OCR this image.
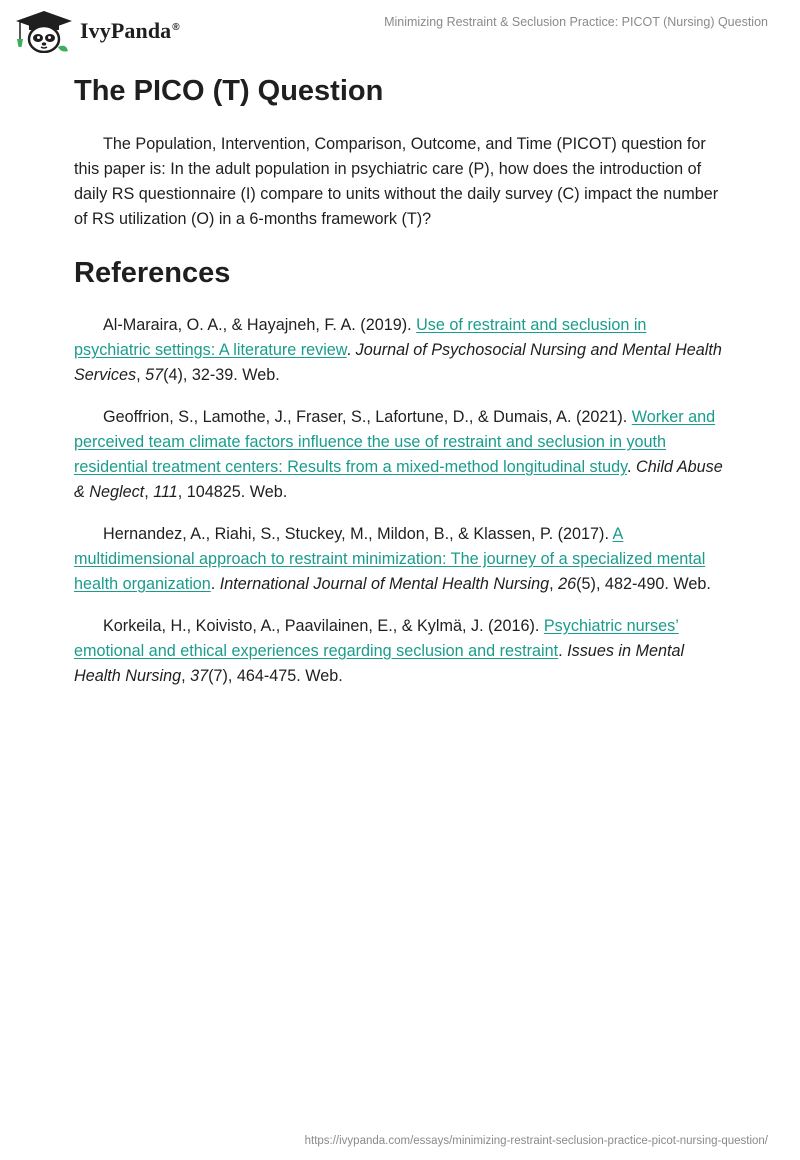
IvyPanda®	Minimizing Restraint & Seclusion Practice: PICOT (Nursing) Question
The PICO (T) Question

The Population, Intervention, Comparison, Outcome, and Time (PICOT) question for this paper is: In the adult population in psychiatric care (P), how does the introduction of daily RS questionnaire (I) compare to units without the daily survey (C) impact the number of RS utilization (O) in a 6-months framework (T)?

References

Al-Maraira, O. A., & Hayajneh, F. A. (2019). Use of restraint and seclusion in psychiatric settings: A literature review. Journal of Psychosocial Nursing and Mental Health Services, 57(4), 32-39. Web.

Geoffrion, S., Lamothe, J., Fraser, S., Lafortune, D., & Dumais, A. (2021). Worker and perceived team climate factors influence the use of restraint and seclusion in youth residential treatment centers: Results from a mixed-method longitudinal study. Child Abuse & Neglect, 111, 104825. Web.

Hernandez, A., Riahi, S., Stuckey, M., Mildon, B., & Klassen, P. (2017). A multidimensional approach to restraint minimization: The journey of a specialized mental health organization. International Journal of Mental Health Nursing, 26(5), 482-490. Web.

Korkeila, H., Koivisto, A., Paavilainen, E., & Kylmä, J. (2016). Psychiatric nurses’ emotional and ethical experiences regarding seclusion and restraint. Issues in Mental Health Nursing, 37(7), 464-475. Web.

https://ivypanda.com/essays/minimizing-restraint-seclusion-practice-picot-nursing-question/
